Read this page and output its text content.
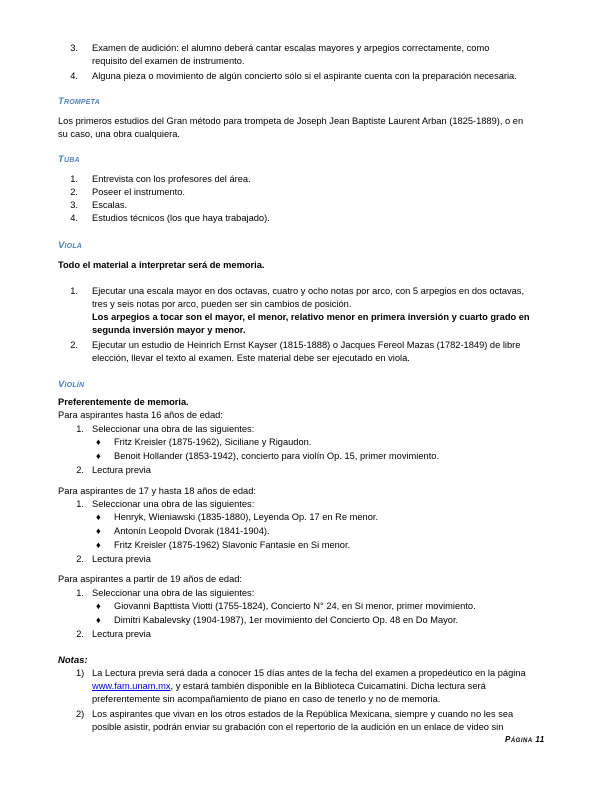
3. Examen de audición: el alumno deberá cantar escalas mayores y arpegios correctamente, como
requisito del examen de instrumento.
4. Alguna pieza o movimiento de algún concierto sólo si el aspirante cuenta con la preparación necesaria.
Trompeta
Los primeros estudios del Gran método para trompeta de Joseph Jean Baptiste Laurent Arban (1825-1889), o en
su caso, una obra cualquiera.
Tuba
1. Entrevista con los profesores del área.
2. Poseer el instrumento.
3. Escalas.
4. Estudios técnicos (los que haya trabajado).
Viola
Todo el material a interpretar será de memoria.
1. Ejecutar una escala mayor en dos octavas, cuatro y ocho notas por arco, con 5 arpegios en dos octavas,
tres y seis notas por arco, pueden ser sin cambios de posición.
Los arpegios a tocar son el mayor, el menor, relativo menor en primera inversión y cuarto grado en
segunda inversión mayor y menor.
2. Ejecutar un estudio de Heinrich Ernst Kayser (1815-1888) o Jacques Fereol Mazas (1782-1849) de libre
elección, llevar el texto al examen. Este material debe ser ejecutado en viola.
Violín
Preferentemente de memoria.
Para aspirantes hasta 16 años de edad:
1. Seleccionar una obra de las siguientes:
♦ Fritz Kreisler (1875-1962), Siciliane y Rigaudon.
♦ Benoit Hollander (1853-1942), concierto para violín Op. 15, primer movimiento.
2. Lectura previa
Para aspirantes de 17 y hasta 18 años de edad:
1. Seleccionar una obra de las siguientes:
♦ Henryk, Wieniawski (1835-1880), Leyenda Op. 17 en Re menor.
♦ Antonín Leopold Dvorak (1841-1904).
♦ Fritz Kreisler (1875-1962) Slavonic Fantasie en Si menor.
2. Lectura previa
Para aspirantes a partir de 19 años de edad:
1. Seleccionar una obra de las siguientes:
♦ Giovanni Bapttista Viotti (1755-1824), Concierto N° 24, en Si menor, primer movimiento.
♦ Dimitri Kabalevsky (1904-1987), 1er movimiento del Concierto Op. 48 en Do Mayor.
2. Lectura previa
Notas:
1) La Lectura previa será dada a conocer 15 días antes de la fecha del examen a propedéutico en la página
www.fam.unam.mx, y estará también disponible en la Biblioteca Cuicamatini. Dicha lectura será
preferentemente sin acompañamiento de piano en caso de tenerlo y no de memoria.
2) Los aspirantes que vivan en los otros estados de la República Mexicana, siempre y cuando no les sea
posible asistir, podrán enviar su grabación con el repertorio de la audición en un enlace de video sin
Página 11
